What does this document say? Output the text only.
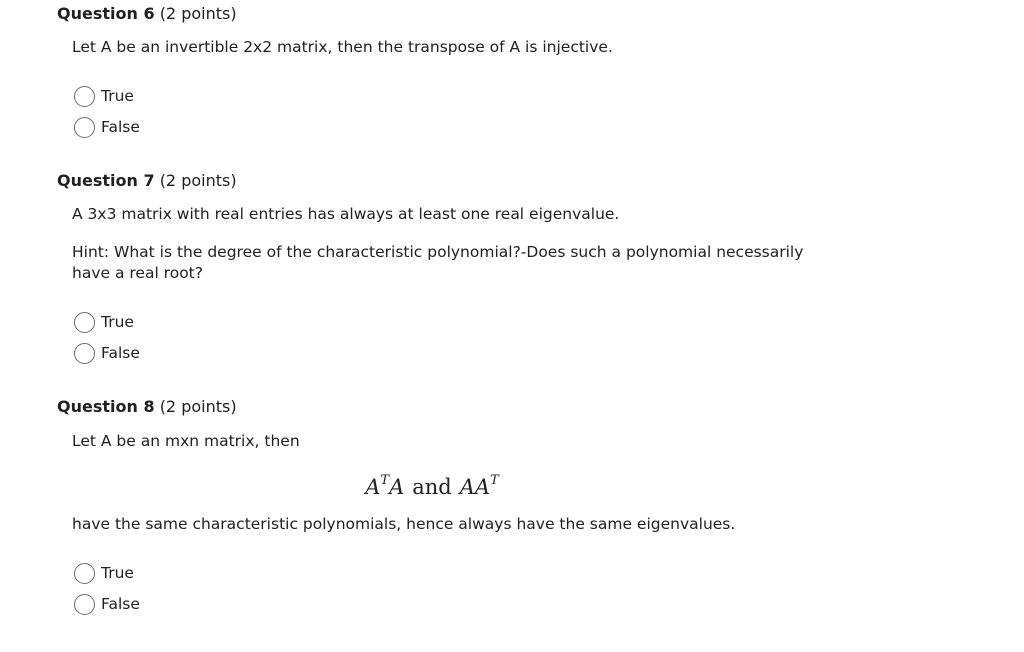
Question 6 (2 points)
Let A be an invertible 2x2 matrix, then the transpose of A is injective.
True
False
Question 7 (2 points)
A 3x3 matrix with real entries has always at least one real eigenvalue.
Hint: What is the degree of the characteristic polynomial?-Does such a polynomial necessarily
have a real root?
True
False
Question 8 (2 points)
Let A be an mxn matrix, then
$A^TA$ and $AA^T$
have the same characteristic polynomials, hence always have the same eigenvalues.
True
False
